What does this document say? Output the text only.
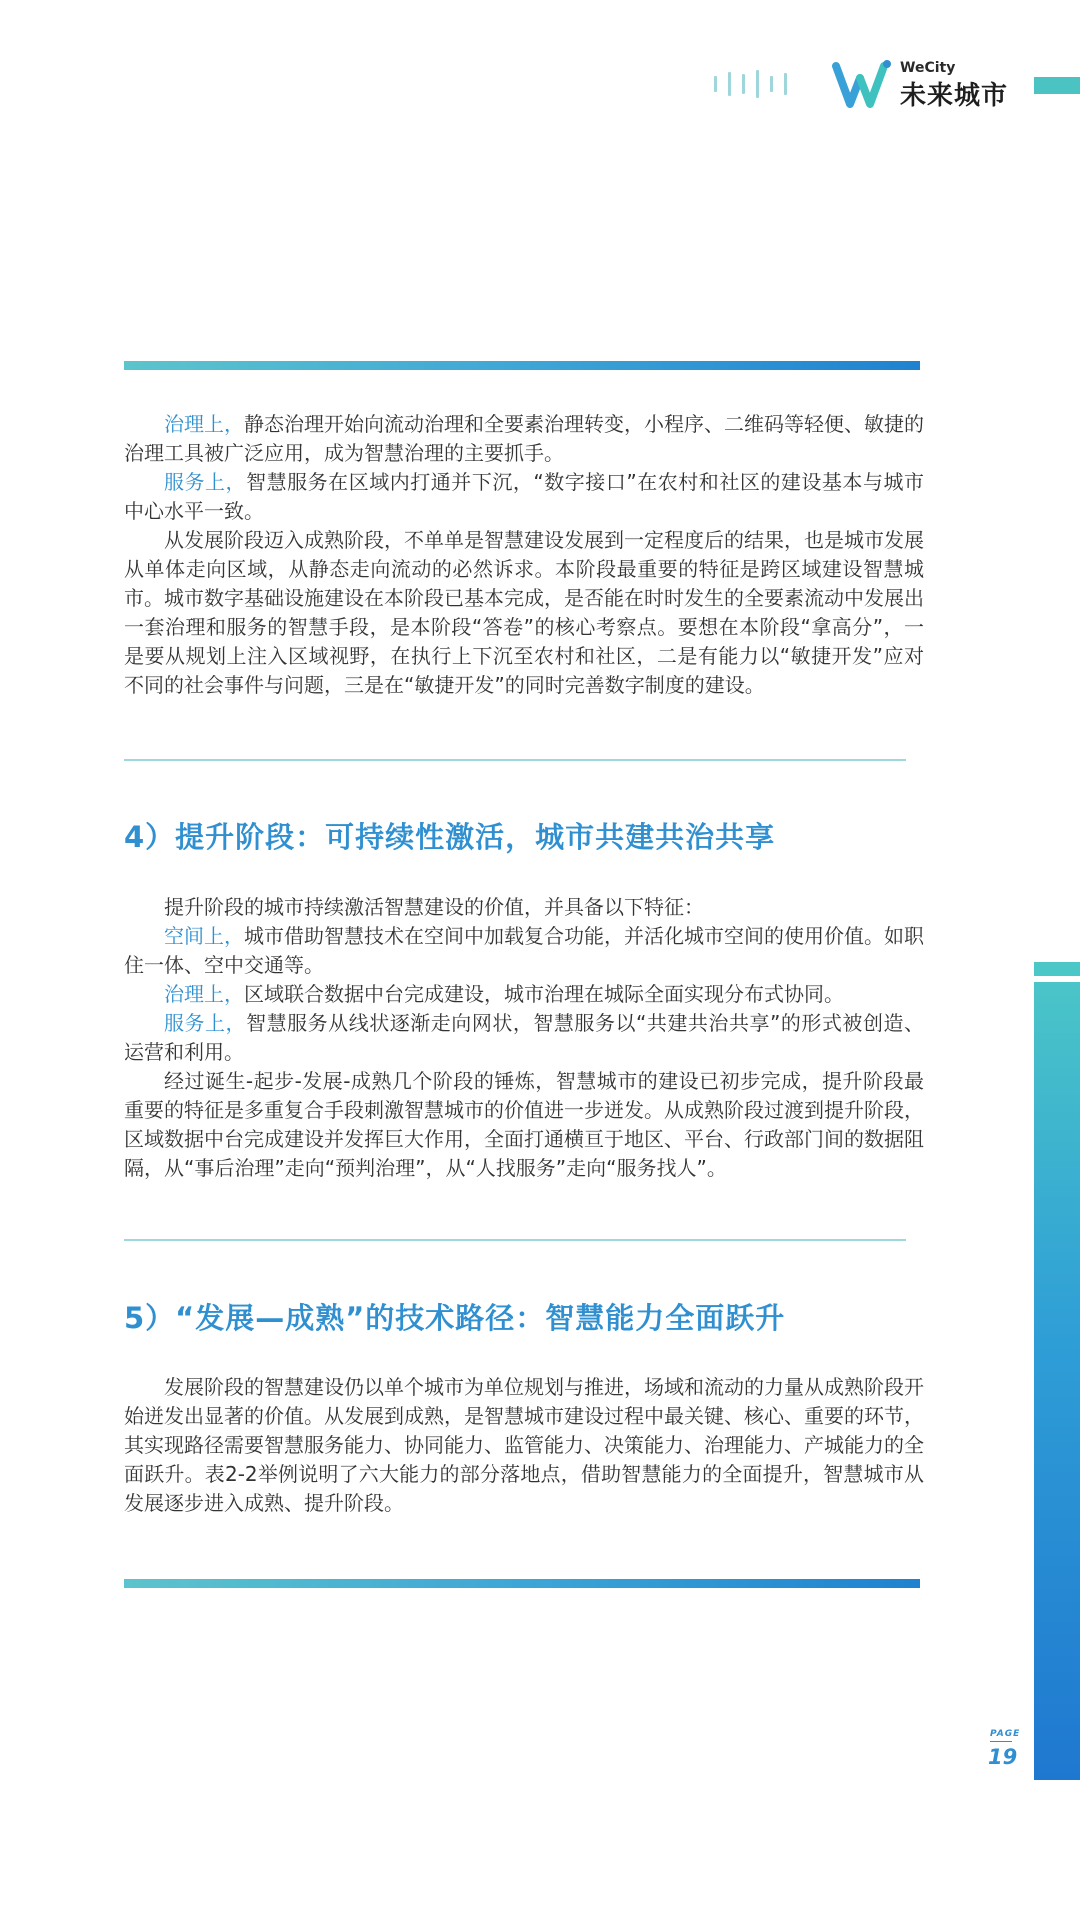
WeCity
未来城市

治理上，静态治理开始向流动治理和全要素治理转变，小程序、二维码等轻便、敏捷的治理工具被广泛应用，成为智慧治理的主要抓手。

服务上，智慧服务在区域内打通并下沉，“数字接口”在农村和社区的建设基本与城市中心水平一致。

从发展阶段迈入成熟阶段，不单单是智慧建设发展到一定程度后的结果，也是城市发展从单体走向区域，从静态走向流动的必然诉求。本阶段最重要的特征是跨区域建设智慧城市。城市数字基础设施建设在本阶段已基本完成，是否能在时时发生的全要素流动中发展出一套治理和服务的智慧手段，是本阶段“答卷”的核心考察点。要想在本阶段“拿高分”，一是要从规划上注入区域视野，在执行上下沉至农村和社区，二是有能力以“敏捷开发”应对不同的社会事件与问题，三是在“敏捷开发”的同时完善数字制度的建设。

4）提升阶段：可持续性激活，城市共建共治共享

提升阶段的城市持续激活智慧建设的价值，并具备以下特征：

空间上，城市借助智慧技术在空间中加载复合功能，并活化城市空间的使用价值。如职住一体、空中交通等。

治理上，区域联合数据中台完成建设，城市治理在城际全面实现分布式协同。

服务上，智慧服务从线状逐渐走向网状，智慧服务以“共建共治共享”的形式被创造、运营和利用。

经过诞生-起步-发展-成熟几个阶段的锤炼，智慧城市的建设已初步完成，提升阶段最重要的特征是多重复合手段刺激智慧城市的价值进一步迸发。从成熟阶段过渡到提升阶段，区域数据中台完成建设并发挥巨大作用，全面打通横亘于地区、平台、行政部门间的数据阻隔，从“事后治理”走向“预判治理”，从“人找服务”走向“服务找人”。

5）“发展—成熟”的技术路径：智慧能力全面跃升

发展阶段的智慧建设仍以单个城市为单位规划与推进，场域和流动的力量从成熟阶段开始迸发出显著的价值。从发展到成熟，是智慧城市建设过程中最关键、核心、重要的环节，其实现路径需要智慧服务能力、协同能力、监管能力、决策能力、治理能力、产城能力的全面跃升。表2-2举例说明了六大能力的部分落地点，借助智慧能力的全面提升，智慧城市从发展逐步进入成熟、提升阶段。

PAGE
19
